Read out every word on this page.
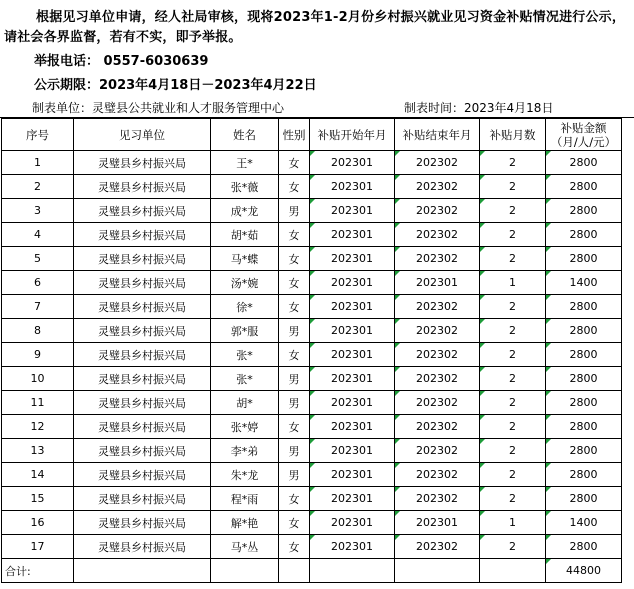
根据见习单位申请，经人社局审核，现将2023年1-2月份乡村振兴就业见习资金补贴情况进行公示，请社会各界监督，若有不实，即予举报。
举报电话： 0557-6030639
公示期限：2023年4月18日－2023年4月22日
制表单位：灵璧县公共就业和人才服务管理中心	制表时间：2023年4月18日
序号	见习单位	姓名	性别	补贴开始年月	补贴结束年月	补贴月数	补贴金额
（月/人/元）
1	灵璧县乡村振兴局	王*	女	202301	202302	2	2800
2	灵璧县乡村振兴局	张*薇	女	202301	202302	2	2800
3	灵璧县乡村振兴局	成*龙	男	202301	202302	2	2800
4	灵璧县乡村振兴局	胡*茹	女	202301	202302	2	2800
5	灵璧县乡村振兴局	马*蝶	女	202301	202302	2	2800
6	灵璧县乡村振兴局	汤*婉	女	202301	202301	1	1400
7	灵璧县乡村振兴局	徐*	女	202301	202302	2	2800
8	灵璧县乡村振兴局	郭*服	男	202301	202302	2	2800
9	灵璧县乡村振兴局	张*	女	202301	202302	2	2800
10	灵璧县乡村振兴局	张*	男	202301	202302	2	2800
11	灵璧县乡村振兴局	胡*	男	202301	202302	2	2800
12	灵璧县乡村振兴局	张*婷	女	202301	202302	2	2800
13	灵璧县乡村振兴局	李*弟	男	202301	202302	2	2800
14	灵璧县乡村振兴局	朱*龙	男	202301	202302	2	2800
15	灵璧县乡村振兴局	程*雨	女	202301	202302	2	2800
16	灵璧县乡村振兴局	解*艳	女	202301	202301	1	1400
17	灵璧县乡村振兴局	马*丛	女	202301	202302	2	2800
合计:							44800
